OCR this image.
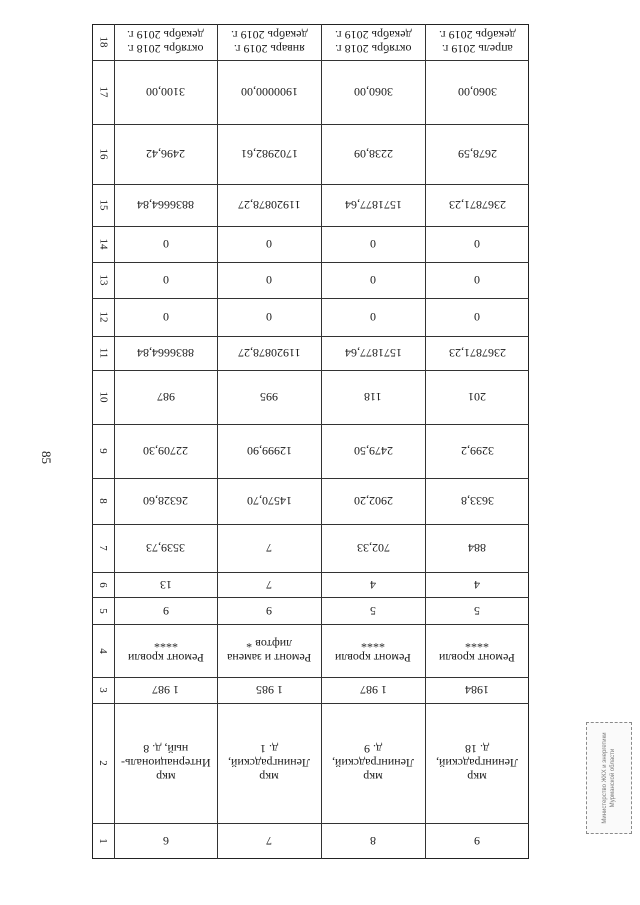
85
18
17
16
15
14
13
12
11
10
9
8
7
6
5
4
3
2
1
октябрь 2018 г.
декабрь 2019 г.
3100,00
2496,42
8836664,84
0
0
0
8836664,84
987
22709,30
26328,60
3539,73
13
9
Ремонт кровли
****
1 987
мкр
Интернациональ-
ный, д. 8
6
январь 2019 г.
декабрь 2019 г.
1900000,00
1702982,61
11920878,27
0
0
0
11920878,27
995
12999,90
14570,70
7
7
9
Ремонт и замена
лифтов *
1 985
мкр
Ленинградский,
д. 1
7
октябрь 2018 г.
декабрь 2019 г.
3060,00
2238,09
1571877,64
0
0
0
1571877,64
118
2479,50
2902,20
702,33
4
5
Ремонт кровли
****
1 987
мкр
Ленинградский,
д. 9
8
апрель 2019 г.
декабрь 2019 г.
3060,00
2678,59
2367871,23
0
0
0
2367871,23
201
3299,2
3633,8
884
4
5
Ремонт кровли
****
1984
мкр
Ленинградский,
д. 18
9
Министерство ЖКХ и энергетики Мурманской области
